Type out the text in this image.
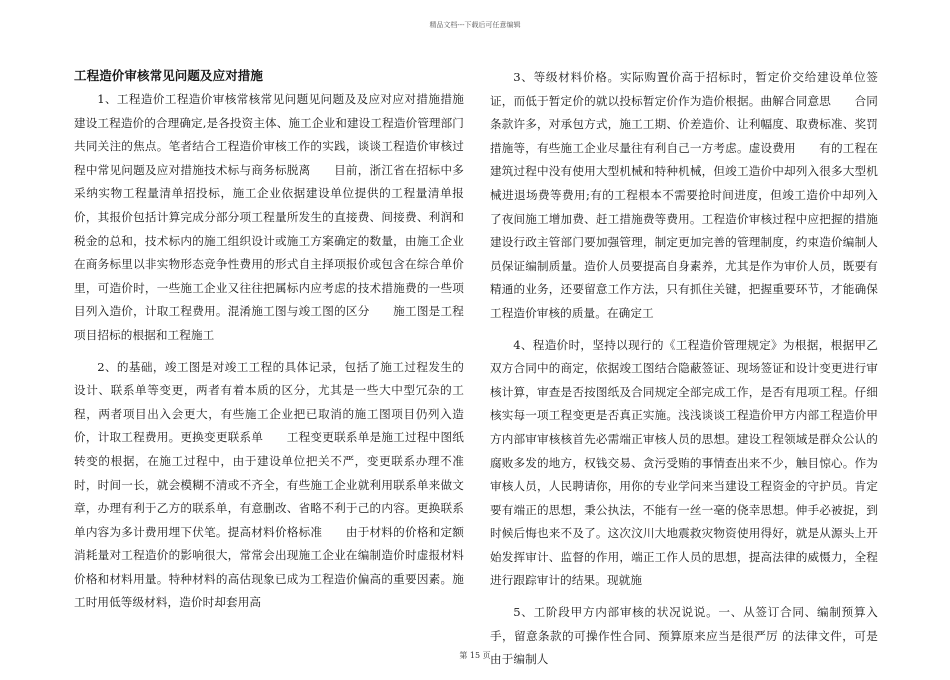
精品文档---下载后可任意编辑
工程造价审核常见问题及应对措施

1、工程造价工程造价审核常核常见问题见问题及及应对应对措施措施建设工程造价的合理确定,是各投资主体、施工企业和建设工程造价管理部门共同关注的焦点。笔者结合工程造价审核工作的实践，谈谈工程造价审核过程中常见问题及应对措施技术标与商务标脱离　　目前，浙江省在招标中多采纳实物工程量清单招投标，施工企业依据建设单位提供的工程量清单报价，其报价包括计算完成分部分项工程量所发生的直接费、间接费、利润和税金的总和，技术标内的施工组织设计或施工方案确定的数量，由施工企业在商务标里以非实物形态竞争性费用的形式自主择项报价或包含在综合单价里，可造价时，一些施工企业又往往把属标内应考虑的技术措施费的一些项目列入造价，计取工程费用。混淆施工图与竣工图的区分　　施工图是工程项目招标的根据和工程施工

2、的基础，竣工图是对竣工工程的具体记录，包括了施工过程发生的设计、联系单等变更，两者有着本质的区分，尤其是一些大中型冗杂的工程，两者项目出入会更大，有些施工企业把已取消的施工图项目仍列入造价，计取工程费用。更换变更联系单　　工程变更联系单是施工过程中图纸转变的根据，在施工过程中，由于建设单位把关不严，变更联系办理不准时，时间一长，就会模糊不清或不齐全，有些施工企业就利用联系单来做文章，办理有利于乙方的联系单，有意删改、省略不利于己的内容。更换联系单内容为多计费用埋下伏笔。提高材料价格标准　　由于材料的价格和定额消耗量对工程造价的影响很大，常常会出现施工企业在编制造价时虚报材料价格和材料用量。特种材料的高估现象已成为工程造价偏高的重要因素。施工时用低等级材料，造价时却套用高

3、等级材料价格。实际购置价高于招标时，暂定价交给建设单位签证，而低于暂定价的就以投标暂定价作为造价根据。曲解合同意思　　合同条款许多，对承包方式，施工工期、价差造价、让利幅度、取费标准、奖罚措施等，有些施工企业尽量往有利自己一方考虑。虚设费用　　有的工程在建筑过程中没有使用大型机械和特种机械，但竣工造价中却列入很多大型机械进退场费等费用;有的工程根本不需要抢时间进度，但竣工造价中却列入了夜间施工增加费、赶工措施费等费用。工程造价审核过程中应把握的措施建设行政主管部门要加强管理，制定更加完善的管理制度，约束造价编制人员保证编制质量。造价人员要提高自身素养，尤其是作为审价人员，既要有精通的业务，还要留意工作方法，只有抓住关键，把握重要环节，才能确保工程造价审核的质量。在确定工

4、程造价时，坚持以现行的《工程造价管理规定》为根据，根据甲乙双方合同中的商定，依据竣工图结合隐蔽签证、现场签证和设计变更进行审核计算，审查是否按图纸及合同规定全部完成工作，是否有甩项工程。仔细核实每一项工程变更是否真正实施。浅浅谈谈工程造价甲方内部工程造价甲方内部审审核核首先必需端正审核人员的思想。建设工程领域是群众公认的腐败多发的地方，权钱交易、贪污受贿的事情查出来不少，触目惊心。作为审核人员，人民聘请你，用你的专业学问来当建设工程资金的守护员。肯定要有端正的思想，秉公执法，不能有一丝一毫的侥幸思想。伸手必被捉，到时候后悔也来不及了。这次汶川大地震救灾物资使用得好，就是从源头上开始发挥审计、监督的作用，端正工作人员的思想，提高法律的威慑力，全程进行跟踪审计的结果。现就施

5、工阶段甲方内部审核的状况说说。一、从签订合同、编制预算入手，留意条款的可操作性合同、预算原来应当是很严厉 的法律文件，可是由于编制人

第 15 页
